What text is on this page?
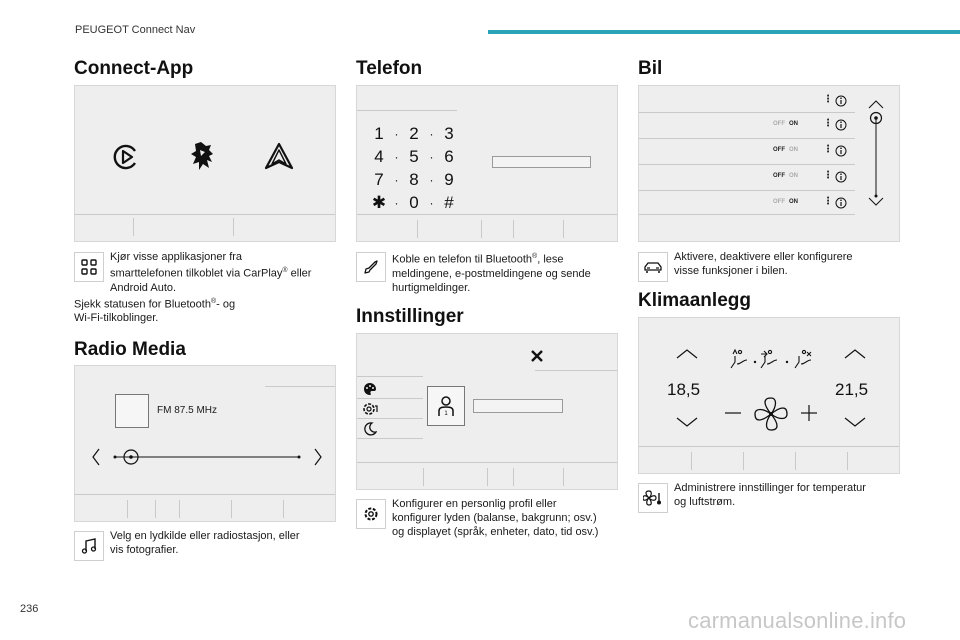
PEUGEOT Connect Nav
Connect-App
Kjør visse applikasjoner fra
smarttelefonen tilkoblet via CarPlay® eller
Android Auto.
Sjekk statusen for Bluetooth®- og
Wi-Fi-tilkoblinger.
Radio Media
FM 87.5 MHz
Velg en lydkilde eller radiostasjon, eller
vis fotografier.
Telefon
1 · 2 · 3
4 · 5 · 6
7 · 8 · 9
✱ · 0 · #
Koble en telefon til Bluetooth®, lese
meldingene, e-postmeldingene og sende
hurtigmeldinger.
Innstillinger
1
Konfigurer en personlig profil eller
konfigurer lyden (balanse, bakgrunn; osv.)
og displayet (språk, enheter, dato, tid osv.)
Bil
⋮
⋮
OFF ON
⋮
OFF ON
⋮
OFF ON
⋮
OFF ON
Aktivere, deaktivere eller konfigurere
visse funksjoner i bilen.
Klimaanlegg
18,5	21,5
Administrere innstillinger for temperatur
og luftstrøm.
236	carmanualsonline.info
